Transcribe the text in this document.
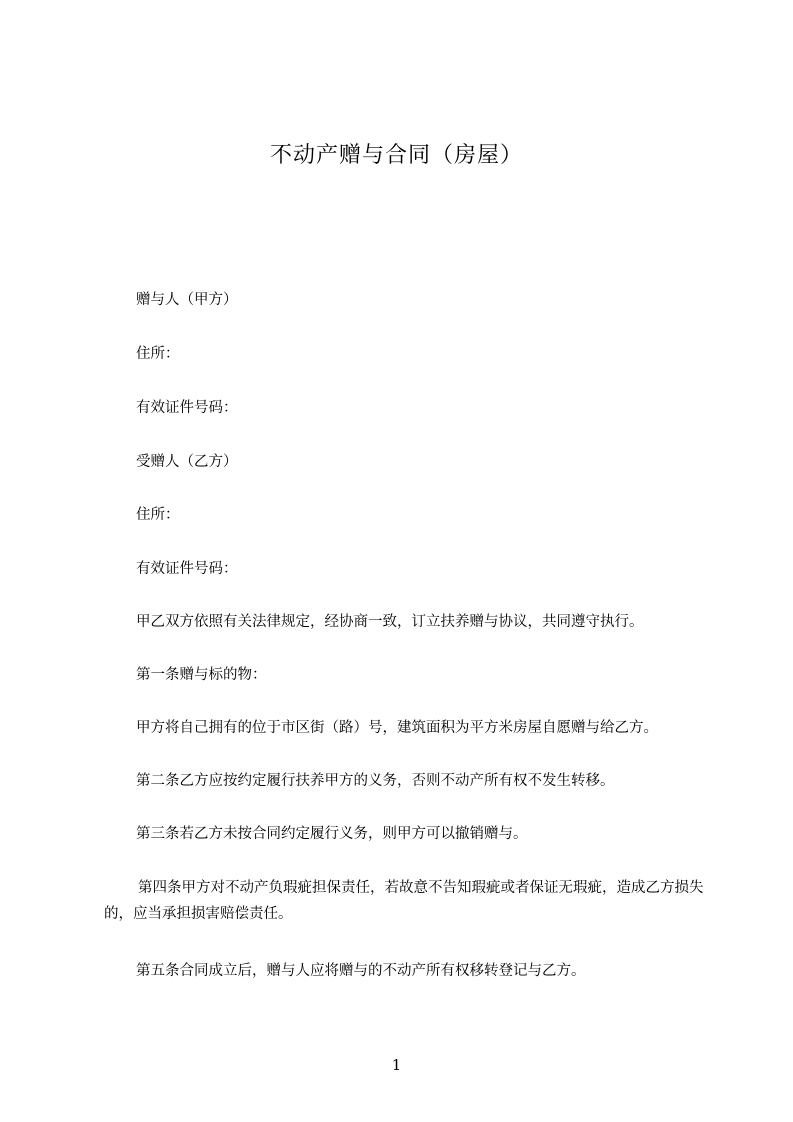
不动产赠与合同（房屋）
赠与人（甲方）
住所：
有效证件号码：
受赠人（乙方）
住所：
有效证件号码：
甲乙双方依照有关法律规定，经协商一致，订立扶养赠与协议，共同遵守执行。
第一条赠与标的物：
甲方将自己拥有的位于市区街（路）号，建筑面积为平方米房屋自愿赠与给乙方。
第二条乙方应按约定履行扶养甲方的义务，否则不动产所有权不发生转移。
第三条若乙方未按合同约定履行义务，则甲方可以撤销赠与。
第四条甲方对不动产负瑕疵担保责任，若故意不告知瑕疵或者保证无瑕疵，造成乙方损失的，应当承担损害赔偿责任。
第五条合同成立后，赠与人应将赠与的不动产所有权移转登记与乙方。
1
